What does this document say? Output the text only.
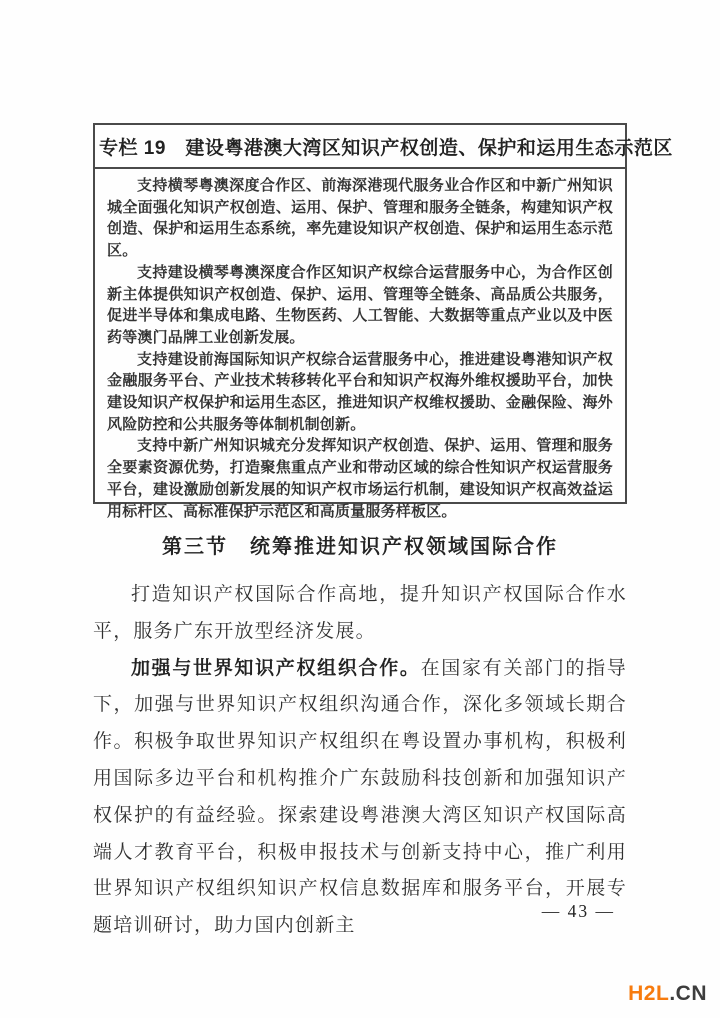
专栏 19　建设粤港澳大湾区知识产权创造、保护和运用生态示范区

支持横琴粤澳深度合作区、前海深港现代服务业合作区和中新广州知识城全面强化知识产权创造、运用、保护、管理和服务全链条，构建知识产权创造、保护和运用生态系统，率先建设知识产权创造、保护和运用生态示范区。

支持建设横琴粤澳深度合作区知识产权综合运营服务中心，为合作区创新主体提供知识产权创造、保护、运用、管理等全链条、高品质公共服务，促进半导体和集成电路、生物医药、人工智能、大数据等重点产业以及中医药等澳门品牌工业创新发展。

支持建设前海国际知识产权综合运营服务中心，推进建设粤港知识产权金融服务平台、产业技术转移转化平台和知识产权海外维权援助平台，加快建设知识产权保护和运用生态区，推进知识产权维权援助、金融保险、海外风险防控和公共服务等体制机制创新。

支持中新广州知识城充分发挥知识产权创造、保护、运用、管理和服务全要素资源优势，打造聚焦重点产业和带动区域的综合性知识产权运营服务平台，建设激励创新发展的知识产权市场运行机制，建设知识产权高效益运用标杆区、高标准保护示范区和高质量服务样板区。

第三节　统筹推进知识产权领域国际合作

打造知识产权国际合作高地，提升知识产权国际合作水平，服务广东开放型经济发展。

加强与世界知识产权组织合作。在国家有关部门的指导下，加强与世界知识产权组织沟通合作，深化多领域长期合作。积极争取世界知识产权组织在粤设置办事机构，积极利用国际多边平台和机构推介广东鼓励科技创新和加强知识产权保护的有益经验。探索建设粤港澳大湾区知识产权国际高端人才教育平台，积极申报技术与创新支持中心，推广利用世界知识产权组织知识产权信息数据库和服务平台，开展专题培训研讨，助力国内创新主

— 43 —
H2L.CN
